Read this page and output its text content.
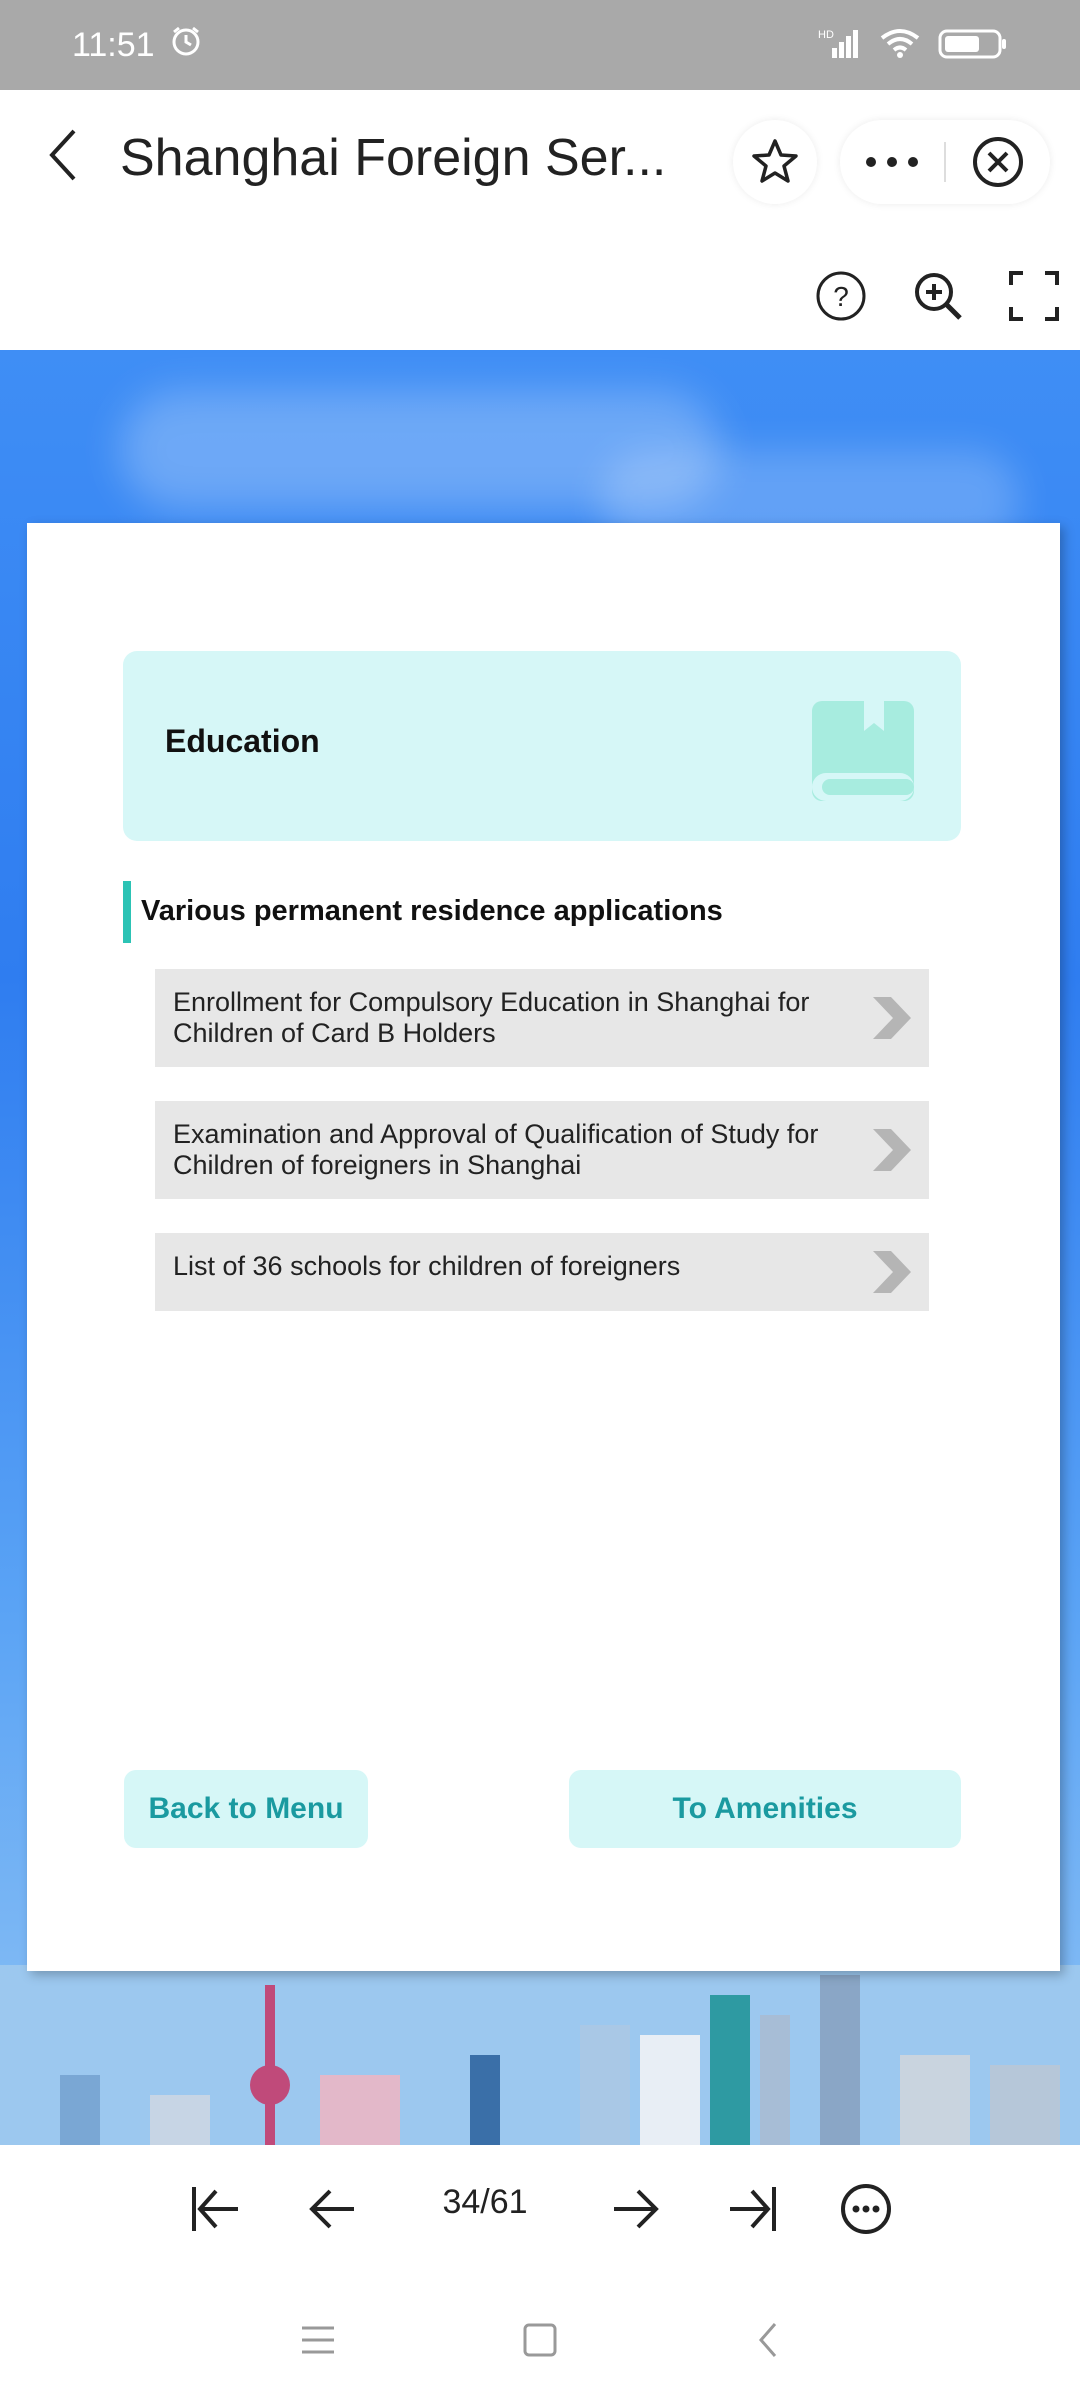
11:51	HD
Shanghai Foreign Ser...
?
Education
Various permanent residence applications
Enrollment for Compulsory Education in Shanghai for Children of Card B Holders
Examination and Approval of Qualification of Study for Children of foreigners in Shanghai
List of 36 schools for children of foreigners
Back to Menu	To Amenities
34/61
